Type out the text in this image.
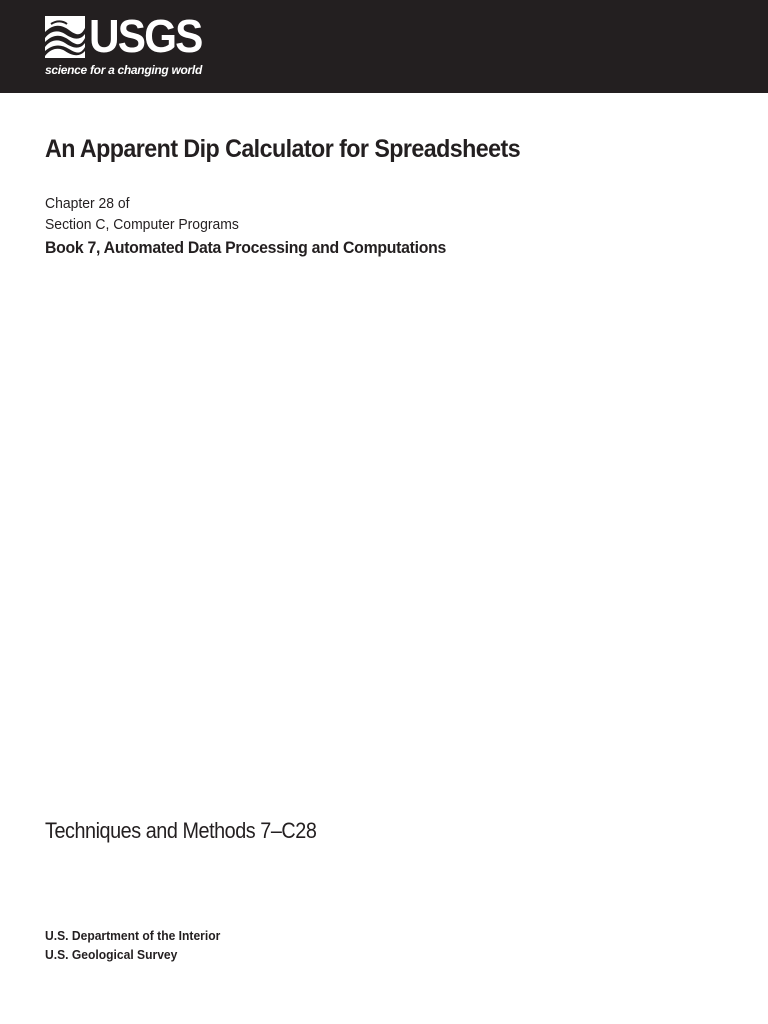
USGS
science for a changing world
An Apparent Dip Calculator for Spreadsheets
Chapter 28 of
Section C, Computer Programs
Book 7, Automated Data Processing and Computations
Techniques and Methods 7–C28
U.S. Department of the Interior
U.S. Geological Survey
